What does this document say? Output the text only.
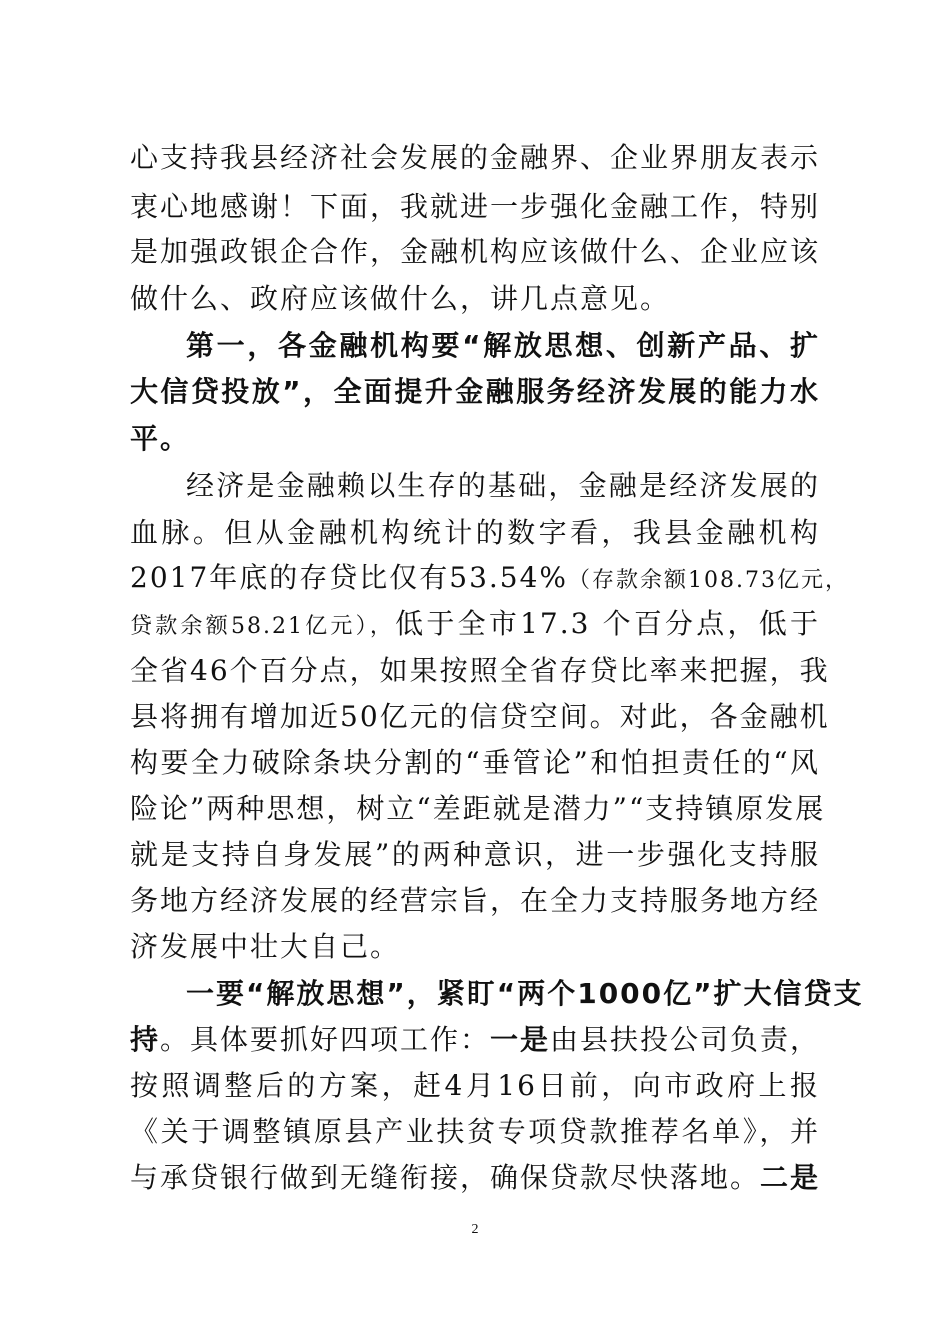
心支持我县经济社会发展的金融界、企业界朋友表示
衷心地感谢！下面，我就进一步强化金融工作，特别
是加强政银企合作，金融机构应该做什么、企业应该
做什么、政府应该做什么，讲几点意见。
第一，各金融机构要“解放思想、创新产品、扩
大信贷投放”，全面提升金融服务经济发展的能力水
平。
经济是金融赖以生存的基础，金融是经济发展的
血脉。但从金融机构统计的数字看，我县金融机构
2017年底的存贷比仅有53.54%（存款余额108.73亿元，
贷款余额58.21亿元），低于全市17.3 个百分点，低于
全省46个百分点，如果按照全省存贷比率来把握，我
县将拥有增加近50亿元的信贷空间。对此，各金融机
构要全力破除条块分割的“垂管论”和怕担责任的“风
险论”两种思想，树立“差距就是潜力”“支持镇原发展
就是支持自身发展”的两种意识，进一步强化支持服
务地方经济发展的经营宗旨，在全力支持服务地方经
济发展中壮大自己。
一要“解放思想”，紧盯“两个1000亿”扩大信贷支
持。具体要抓好四项工作：一是由县扶投公司负责，
按照调整后的方案，赶4月16日前，向市政府上报
《关于调整镇原县产业扶贫专项贷款推荐名单》，并
与承贷银行做到无缝衔接，确保贷款尽快落地。二是
2
